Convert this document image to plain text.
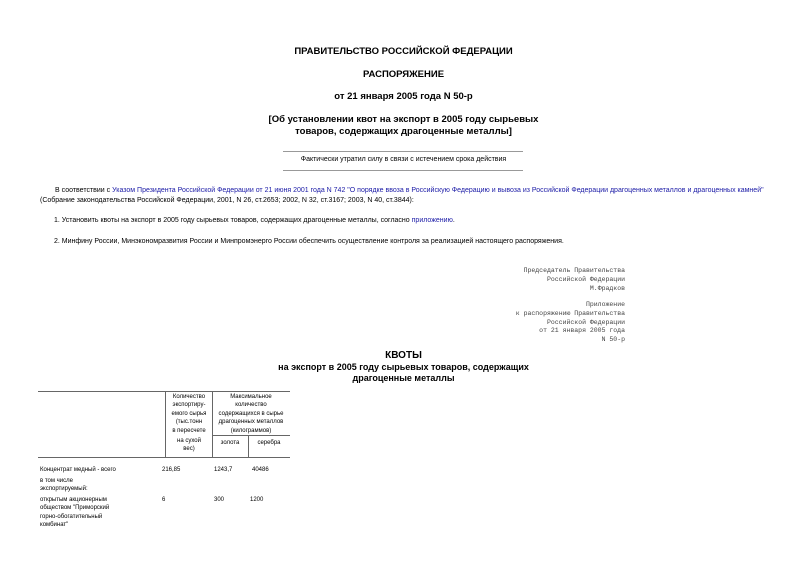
ПРАВИТЕЛЬСТВО РОССИЙСКОЙ ФЕДЕРАЦИИ
РАСПОРЯЖЕНИЕ
от 21 января 2005 года N 50-р
[Об установлении квот на экспорт в 2005 году сырьевых
товаров, содержащих драгоценные металлы]
Фактически утратил силу в связи с истечением срока действия
В соответствии с Указом Президента Российской Федерации от 21 июня 2001 года N 742 "О порядке ввоза в Российскую Федерацию и вывоза из Российской Федерации драгоценных металлов и драгоценных камней" (Собрание законодательства Российской Федерации, 2001, N 26, ст.2653; 2002, N 32, ст.3167; 2003, N 40, ст.3844):
1. Установить квоты на экспорт в 2005 году сырьевых товаров, содержащих драгоценные металлы, согласно приложению.
2. Минфину России, Минэкономразвития России и Минпромэнерго России обеспечить осуществление контроля за реализацией настоящего распоряжения.
Председатель Правительства
Российской Федерации
М.Фрадков
Приложение
к распоряжению Правительства
Российской Федерации
от 21 января 2005 года
N 50-р
КВОТЫ
на экспорт в 2005 году сырьевых товаров, содержащих
драгоценные металлы
Количество
экспортиру-
емого сырья
(тыс.тонн
в пересчете
на сухой
вес)
Максимальное
количество
содержащихся в сырье
драгоценных металлов
(килограммов)
золота	серебра
Концентрат медный - всего	216,85	1243,7	40486
в том числе
экспортируемый:
открытым акционерным
обществом "Приморский
горно-обогатительный
комбинат"
6	300	1200
